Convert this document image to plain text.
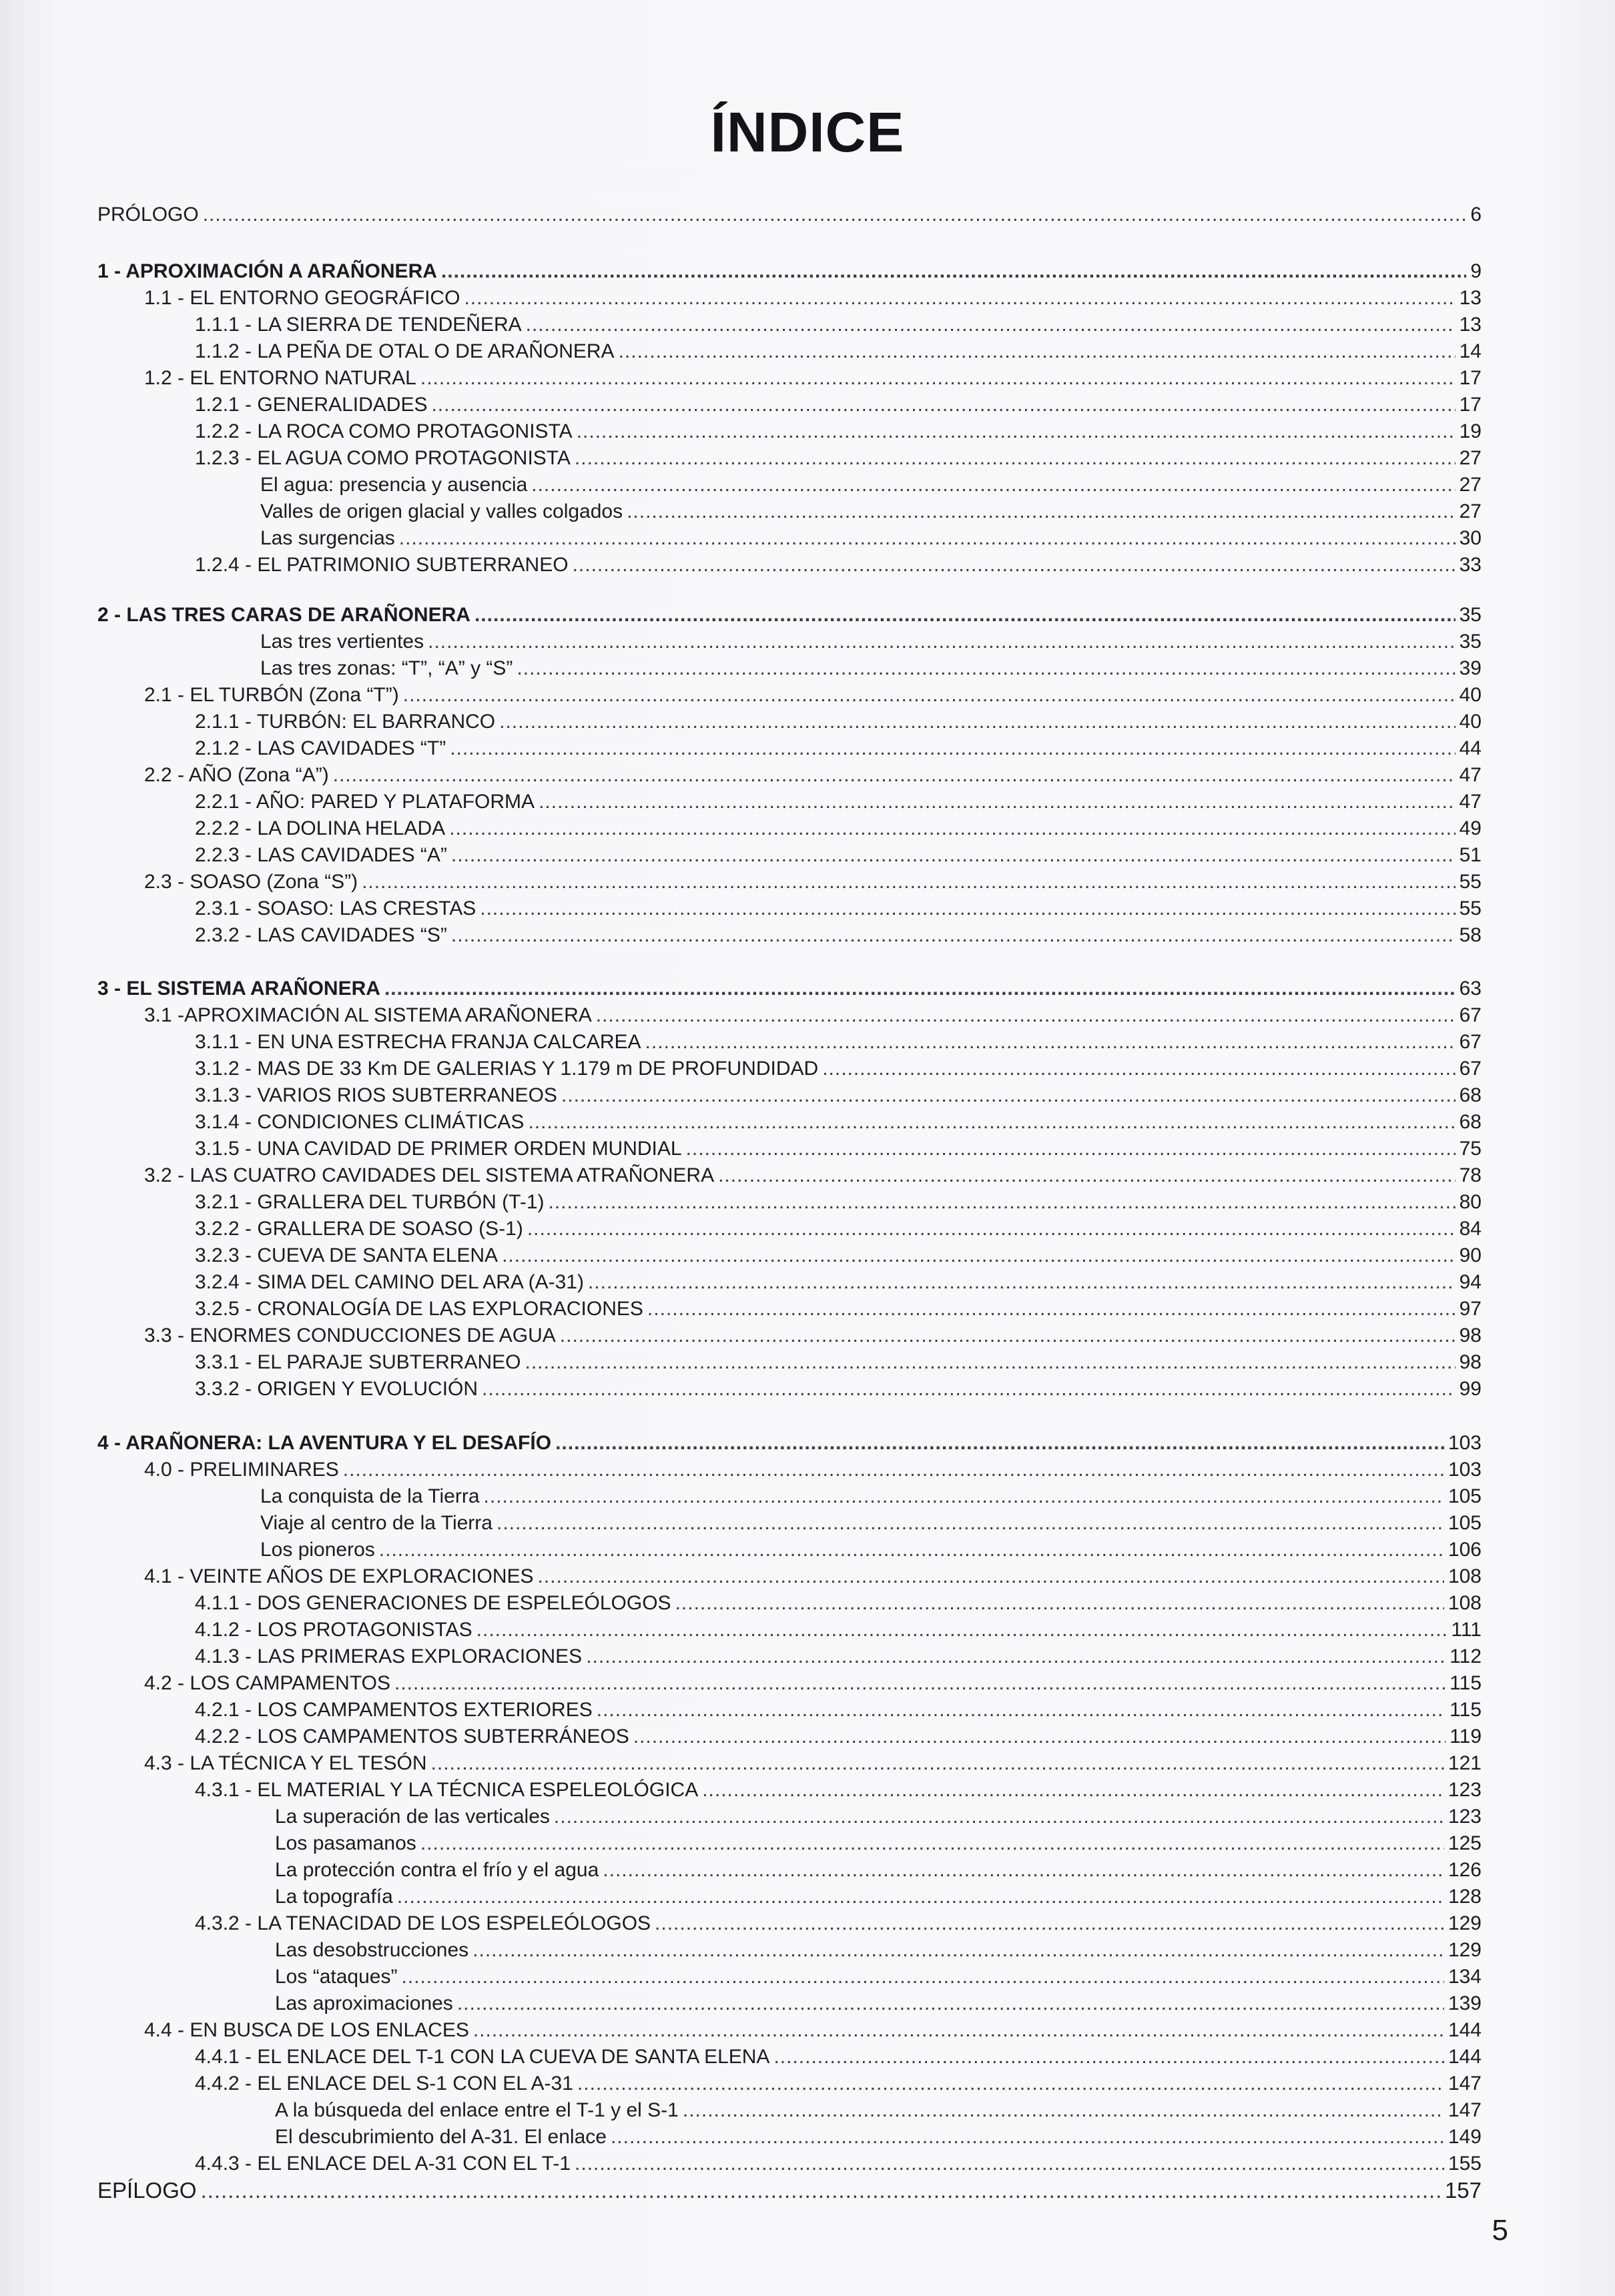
ÍNDICE
PRÓLOGO .....	6
1 - APROXIMACIÓN A ARAÑONERA .....	9
1.1 - EL ENTORNO GEOGRÁFICO .....	13
1.1.1 - LA SIERRA DE TENDEÑERA .....	13
1.1.2 - LA PEÑA DE OTAL O DE ARAÑONERA .....	14
1.2 - EL ENTORNO NATURAL .....	17
1.2.1 - GENERALIDADES .....	17
1.2.2 - LA ROCA COMO PROTAGONISTA .....	19
1.2.3 - EL AGUA COMO PROTAGONISTA .....	27
El agua: presencia y ausencia .....	27
Valles de origen glacial y valles colgados .....	27
Las surgencias .....	30
1.2.4 - EL PATRIMONIO SUBTERRANEO .....	33
2 - LAS TRES CARAS DE ARAÑONERA .....	35
Las tres vertientes .....	35
Las tres zonas: “T”, “A” y “S” .....	39
2.1 - EL TURBÓN (Zona “T”) .....	40
2.1.1 - TURBÓN: EL BARRANCO .....	40
2.1.2 - LAS CAVIDADES “T” .....	44
2.2 - AÑO (Zona “A”) .....	47
2.2.1 - AÑO: PARED Y PLATAFORMA .....	47
2.2.2 - LA DOLINA HELADA .....	49
2.2.3 - LAS CAVIDADES “A” .....	51
2.3 - SOASO (Zona “S”) .....	55
2.3.1 - SOASO: LAS CRESTAS .....	55
2.3.2 - LAS CAVIDADES “S” .....	58
3 - EL SISTEMA ARAÑONERA .....	63
3.1 -APROXIMACIÓN AL SISTEMA ARAÑONERA .....	67
3.1.1 - EN UNA ESTRECHA FRANJA CALCAREA .....	67
3.1.2 - MAS DE 33 Km DE GALERIAS Y 1.179 m DE PROFUNDIDAD .....	67
3.1.3 - VARIOS RIOS SUBTERRANEOS .....	68
3.1.4 - CONDICIONES CLIMÁTICAS .....	68
3.1.5 - UNA CAVIDAD DE PRIMER ORDEN MUNDIAL .....	75
3.2 - LAS CUATRO CAVIDADES DEL SISTEMA ATRAÑONERA .....	78
3.2.1 - GRALLERA DEL TURBÓN (T-1) .....	80
3.2.2 - GRALLERA DE SOASO (S-1) .....	84
3.2.3 - CUEVA DE SANTA ELENA .....	90
3.2.4 - SIMA DEL CAMINO DEL ARA (A-31) .....	94
3.2.5 - CRONALOGÍA DE LAS EXPLORACIONES .....	97
3.3 - ENORMES CONDUCCIONES DE AGUA .....	98
3.3.1 - EL PARAJE SUBTERRANEO .....	98
3.3.2 - ORIGEN Y EVOLUCIÓN .....	99
4 - ARAÑONERA: LA AVENTURA Y EL DESAFÍO .....	103
4.0 - PRELIMINARES .....	103
La conquista de la Tierra .....	105
Viaje al centro de la Tierra .....	105
Los pioneros .....	106
4.1 - VEINTE AÑOS DE EXPLORACIONES .....	108
4.1.1 - DOS GENERACIONES DE ESPELEÓLOGOS .....	108
4.1.2 - LOS PROTAGONISTAS .....	111
4.1.3 - LAS PRIMERAS EXPLORACIONES .....	112
4.2 - LOS CAMPAMENTOS .....	115
4.2.1 - LOS CAMPAMENTOS EXTERIORES .....	115
4.2.2 - LOS CAMPAMENTOS SUBTERRÁNEOS .....	119
4.3 - LA TÉCNICA Y EL TESÓN .....	121
4.3.1 - EL MATERIAL Y LA TÉCNICA ESPELEOLÓGICA .....	123
La superación de las verticales .....	123
Los pasamanos .....	125
La protección contra el frío y el agua .....	126
La topografía .....	128
4.3.2 - LA TENACIDAD DE LOS ESPELEÓLOGOS .....	129
Las desobstrucciones .....	129
Los “ataques” .....	134
Las aproximaciones .....	139
4.4 - EN BUSCA DE LOS ENLACES .....	144
4.4.1 - EL ENLACE DEL T-1 CON LA CUEVA DE SANTA ELENA .....	144
4.4.2 - EL ENLACE DEL S-1 CON EL A-31 .....	147
A la búsqueda del enlace entre el T-1 y el S-1 .....	147
El descubrimiento del A-31. El enlace .....	149
4.4.3 - EL ENLACE DEL A-31 CON EL T-1 .....	155
EPÍLOGO .....	157
5
